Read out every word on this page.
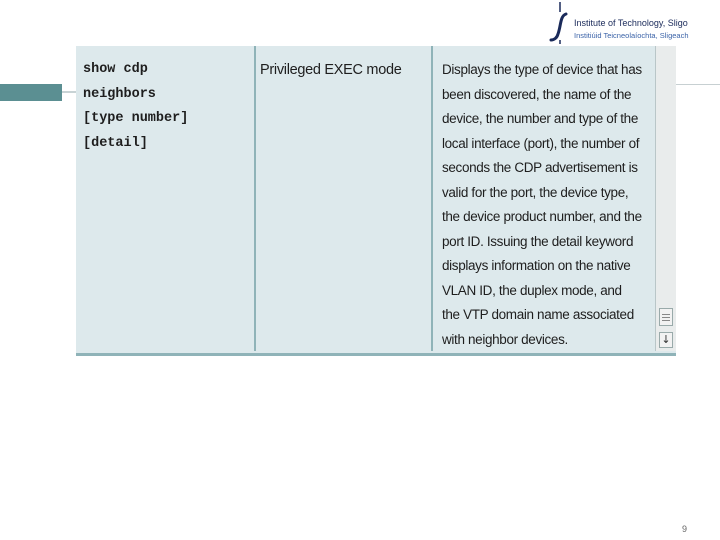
Institute of Technology, Sligo
Institiúid Teicneolaíochta, Sligeach
show cdp
neighbors
[type number]
[detail]
Privileged EXEC mode	Displays the type of device that has
been discovered, the name of the
device, the number and type of the
local interface (port), the number of
seconds the CDP advertisement is
valid for the port, the device type,
the device product number, and the
port ID. Issuing the detail keyword
displays information on the native
VLAN ID, the duplex mode, and
the VTP domain name associated
with neighbor devices.	↓
9
